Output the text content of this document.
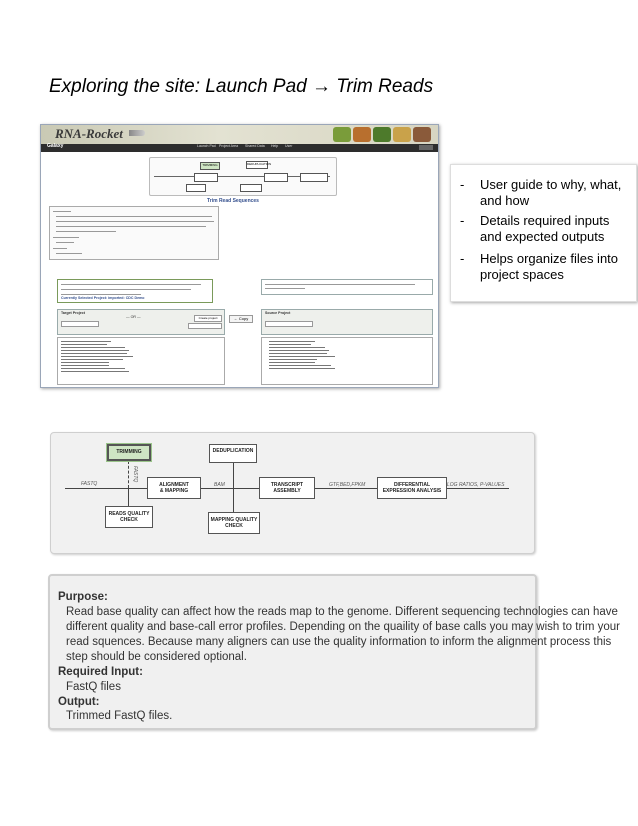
Exploring the site: Launch Pad → Trim Reads
RNA-Rocket
Galaxy	Launch Pad Project Area Shared Data Help User
TRIMMING	DEDUPLICATION
Trim Read Sequences
Currently Selected Project: imported: CDC Demo
Target Project
— OR —	Create project	← Copy
Source Project
- User guide to why, what, and how
- Details required inputs and expected outputs
- Helps organize files into project spaces
FASTQ
FASTQ
BAM	GTF,BED,FPKM	LOG RATIOS, P-VALUES
TRIMMING	DEDUPLICATION
ALIGNMENT
& MAPPING
TRANSCRIPT
ASSEMBLY
DIFFERENTIAL
EXPRESSION ANALYSIS
READS QUALITY
CHECK	MAPPING QUALITY
CHECK
Purpose:
Read base quality can affect how the reads map to the genome. Different sequencing technologies can have
different quality and base-call error profiles. Depending on the quaility of base calls you may wish to trim your
read squences. Because many aligners can use the quality information to inform the alignment process this
step should be considered optional.
Required Input:
FastQ files
Output:
Trimmed FastQ files.
